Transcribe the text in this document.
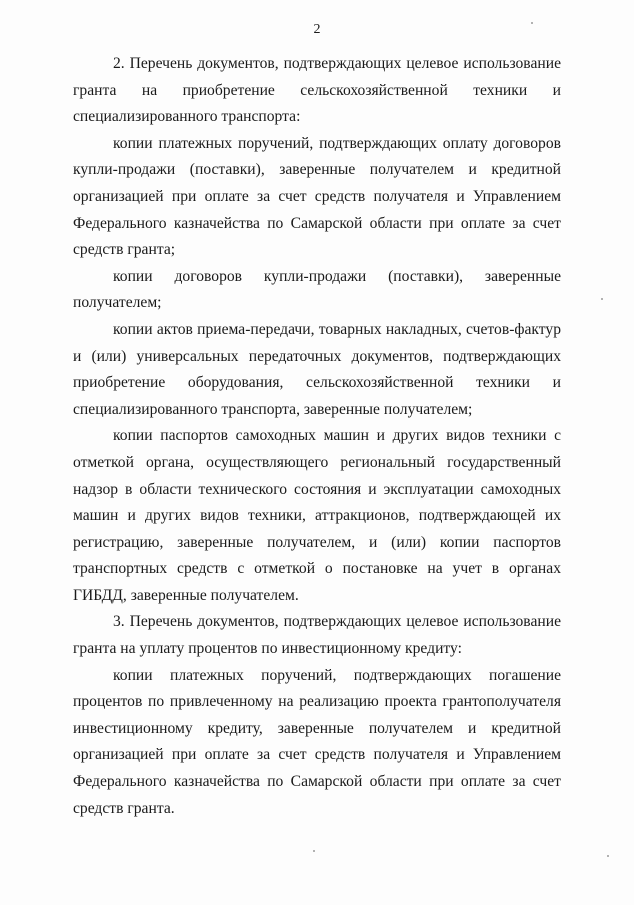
2

2. Перечень документов, подтверждающих целевое использование гранта на приобретение сельскохозяйственной техники и специализированного транспорта:

копии платежных поручений, подтверждающих оплату договоров купли-продажи (поставки), заверенные получателем и кредитной организацией при оплате за счет средств получателя и Управлением Федерального казначейства по Самарской области при оплате за счет средств гранта;

копии договоров купли-продажи (поставки), заверенные получателем;

копии актов приема-передачи, товарных накладных, счетов-фактур и (или) универсальных передаточных документов, подтверждающих приобретение оборудования, сельскохозяйственной техники и специализированного транспорта, заверенные получателем;

копии паспортов самоходных машин и других видов техники с отметкой органа, осуществляющего региональный государственный надзор в области технического состояния и эксплуатации самоходных машин и других видов техники, аттракционов, подтверждающей их регистрацию, заверенные получателем, и (или) копии паспортов транспортных средств с отметкой о постановке на учет в органах ГИБДД, заверенные получателем.

3. Перечень документов, подтверждающих целевое использование гранта на уплату процентов по инвестиционному кредиту:

копии платежных поручений, подтверждающих погашение процентов по привлеченному на реализацию проекта грантополучателя инвестиционному кредиту, заверенные получателем и кредитной организацией при оплате за счет средств получателя и Управлением Федерального казначейства по Самарской области при оплате за счет средств гранта.
